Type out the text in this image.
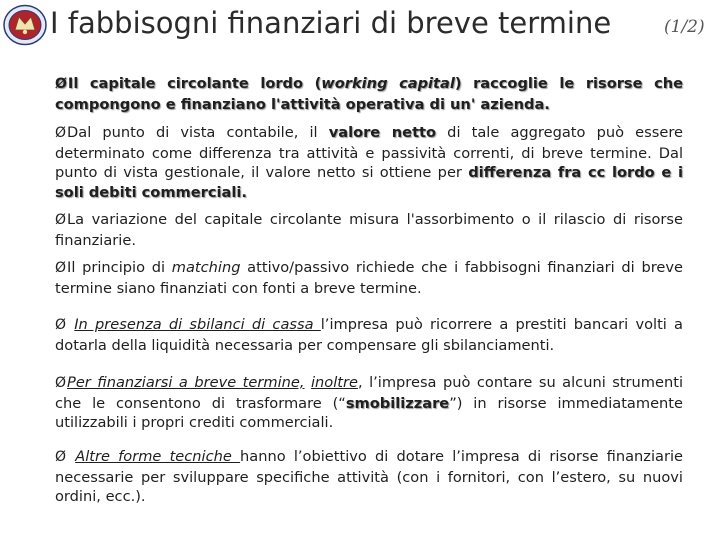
I fabbisogni finanziari di breve termine	(1/2)
ØIl capitale circolante lordo (working capital) raccoglie le risorse che compongono e finanziano l'attività operativa di un' azienda.
ØDal punto di vista contabile, il valore netto di tale aggregato può essere determinato come differenza tra attività e passività correnti, di breve termine. Dal punto di vista gestionale, il valore netto si ottiene per differenza fra cc lordo e i soli debiti commerciali.
ØLa variazione del capitale circolante misura l'assorbimento o il rilascio di risorse finanziarie.
ØIl principio di matching attivo/passivo richiede che i fabbisogni finanziari di breve termine siano finanziati con fonti a breve termine.
Ø In presenza di sbilanci di cassa l’impresa può ricorrere a prestiti bancari volti a dotarla della liquidità necessaria per compensare gli sbilanciamenti.
ØPer finanziarsi a breve termine, inoltre, l’impresa può contare su alcuni strumenti che le consentono di trasformare (“smobilizzare”) in risorse immediatamente utilizzabili i propri crediti commerciali.
Ø Altre forme tecniche hanno l’obiettivo di dotare l’impresa di risorse finanziarie necessarie per sviluppare specifiche attività (con i fornitori, con l’estero, su nuovi ordini, ecc.).
